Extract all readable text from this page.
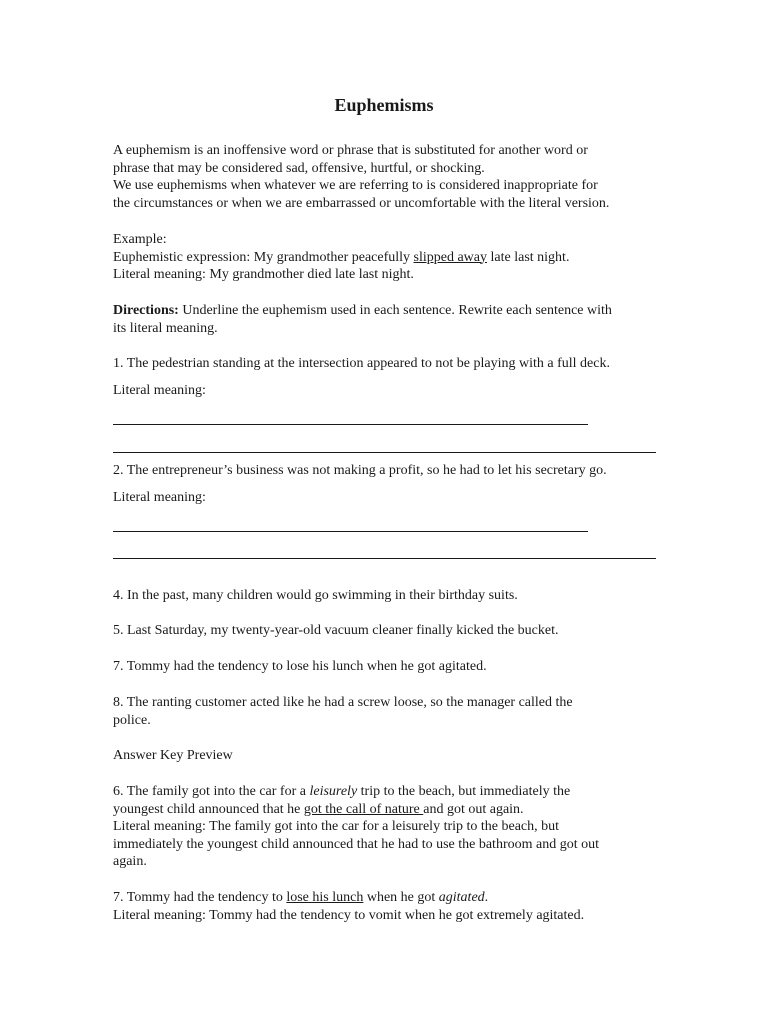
Euphemisms

A euphemism is an inoffensive word or phrase that is substituted for another word or

phrase that may be considered sad, offensive, hurtful, or shocking.

We use euphemisms when whatever we are referring to is considered inappropriate for

the circumstances or when we are embarrassed or uncomfortable with the literal version.

Example:

Euphemistic expression: My grandmother peacefully slipped away late last night.

Literal meaning: My grandmother died late last night.

Directions: Underline the euphemism used in each sentence. Rewrite each sentence with

its literal meaning.

1. The pedestrian standing at the intersection appeared to not be playing with a full deck.

Literal meaning:

2. The entrepreneur’s business was not making a profit, so he had to let his secretary go.

Literal meaning:
4. In the past, many children would go swimming in their birthday suits.
5. Last Saturday, my twenty-year-old vacuum cleaner finally kicked the bucket.
7. Tommy had the tendency to lose his lunch when he got agitated.

8. The ranting customer acted like he had a screw loose, so the manager called the

police.

Answer Key Preview

6. The family got into the car for a leisurely trip to the beach, but immediately the

youngest child announced that he got the call of nature and got out again.

Literal meaning: The family got into the car for a leisurely trip to the beach, but

immediately the youngest child announced that he had to use the bathroom and got out

again.

7. Tommy had the tendency to lose his lunch when he got agitated.

Literal meaning: Tommy had the tendency to vomit when he got extremely agitated.
